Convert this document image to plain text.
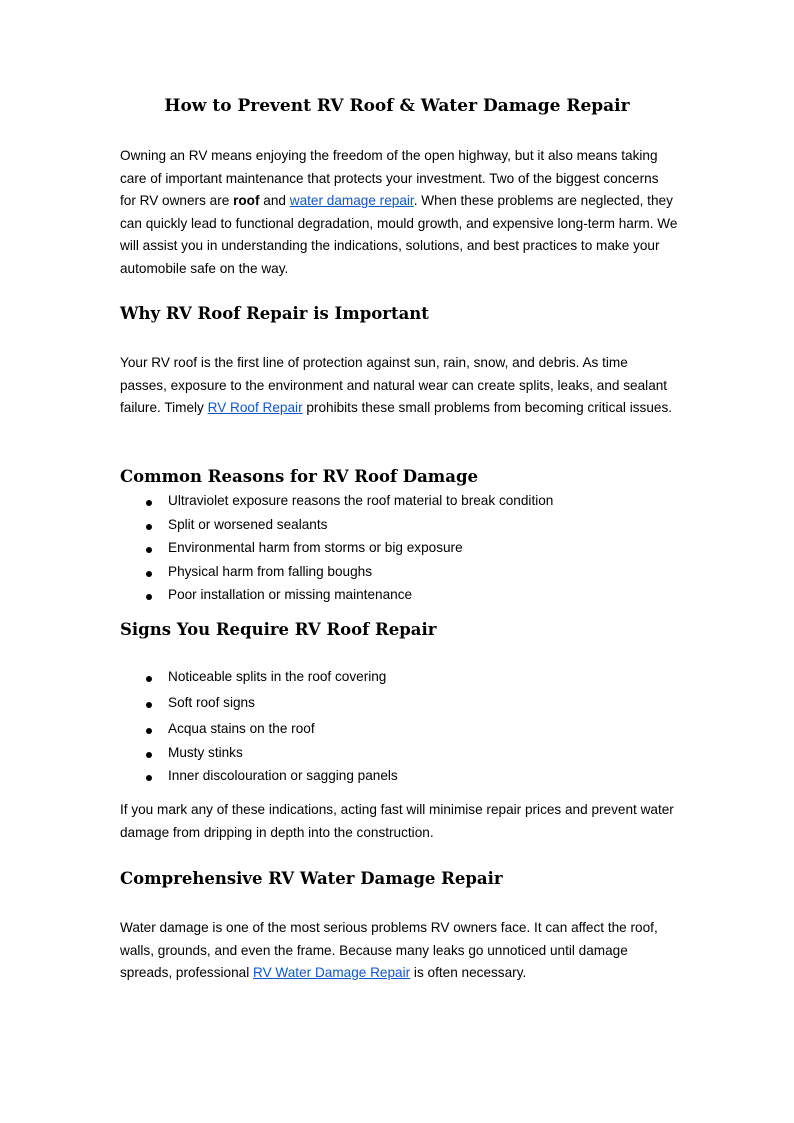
How to Prevent RV Roof & Water Damage Repair

Owning an RV means enjoying the freedom of the open highway, but it also means taking care of important maintenance that protects your investment. Two of the biggest concerns for RV owners are roof and water damage repair. When these problems are neglected, they can quickly lead to functional degradation, mould growth, and expensive long-term harm. We will assist you in understanding the indications, solutions, and best practices to make your automobile safe on the way.

Why RV Roof Repair is Important

Your RV roof is the first line of protection against sun, rain, snow, and debris. As time passes, exposure to the environment and natural wear can create splits, leaks, and sealant failure. Timely RV Roof Repair prohibits these small problems from becoming critical issues.

Common Reasons for RV Roof Damage
Ultraviolet exposure reasons the roof material to break condition
Split or worsened sealants
Environmental harm from storms or big exposure
Physical harm from falling boughs
Poor installation or missing maintenance
Signs You Require RV Roof Repair
Noticeable splits in the roof covering
Soft roof signs
Acqua stains on the roof
Musty stinks
Inner discolouration or sagging panels

If you mark any of these indications, acting fast will minimise repair prices and prevent water damage from dripping in depth into the construction.

Comprehensive RV Water Damage Repair

Water damage is one of the most serious problems RV owners face. It can affect the roof, walls, grounds, and even the frame. Because many leaks go unnoticed until damage spreads, professional RV Water Damage Repair is often necessary.
